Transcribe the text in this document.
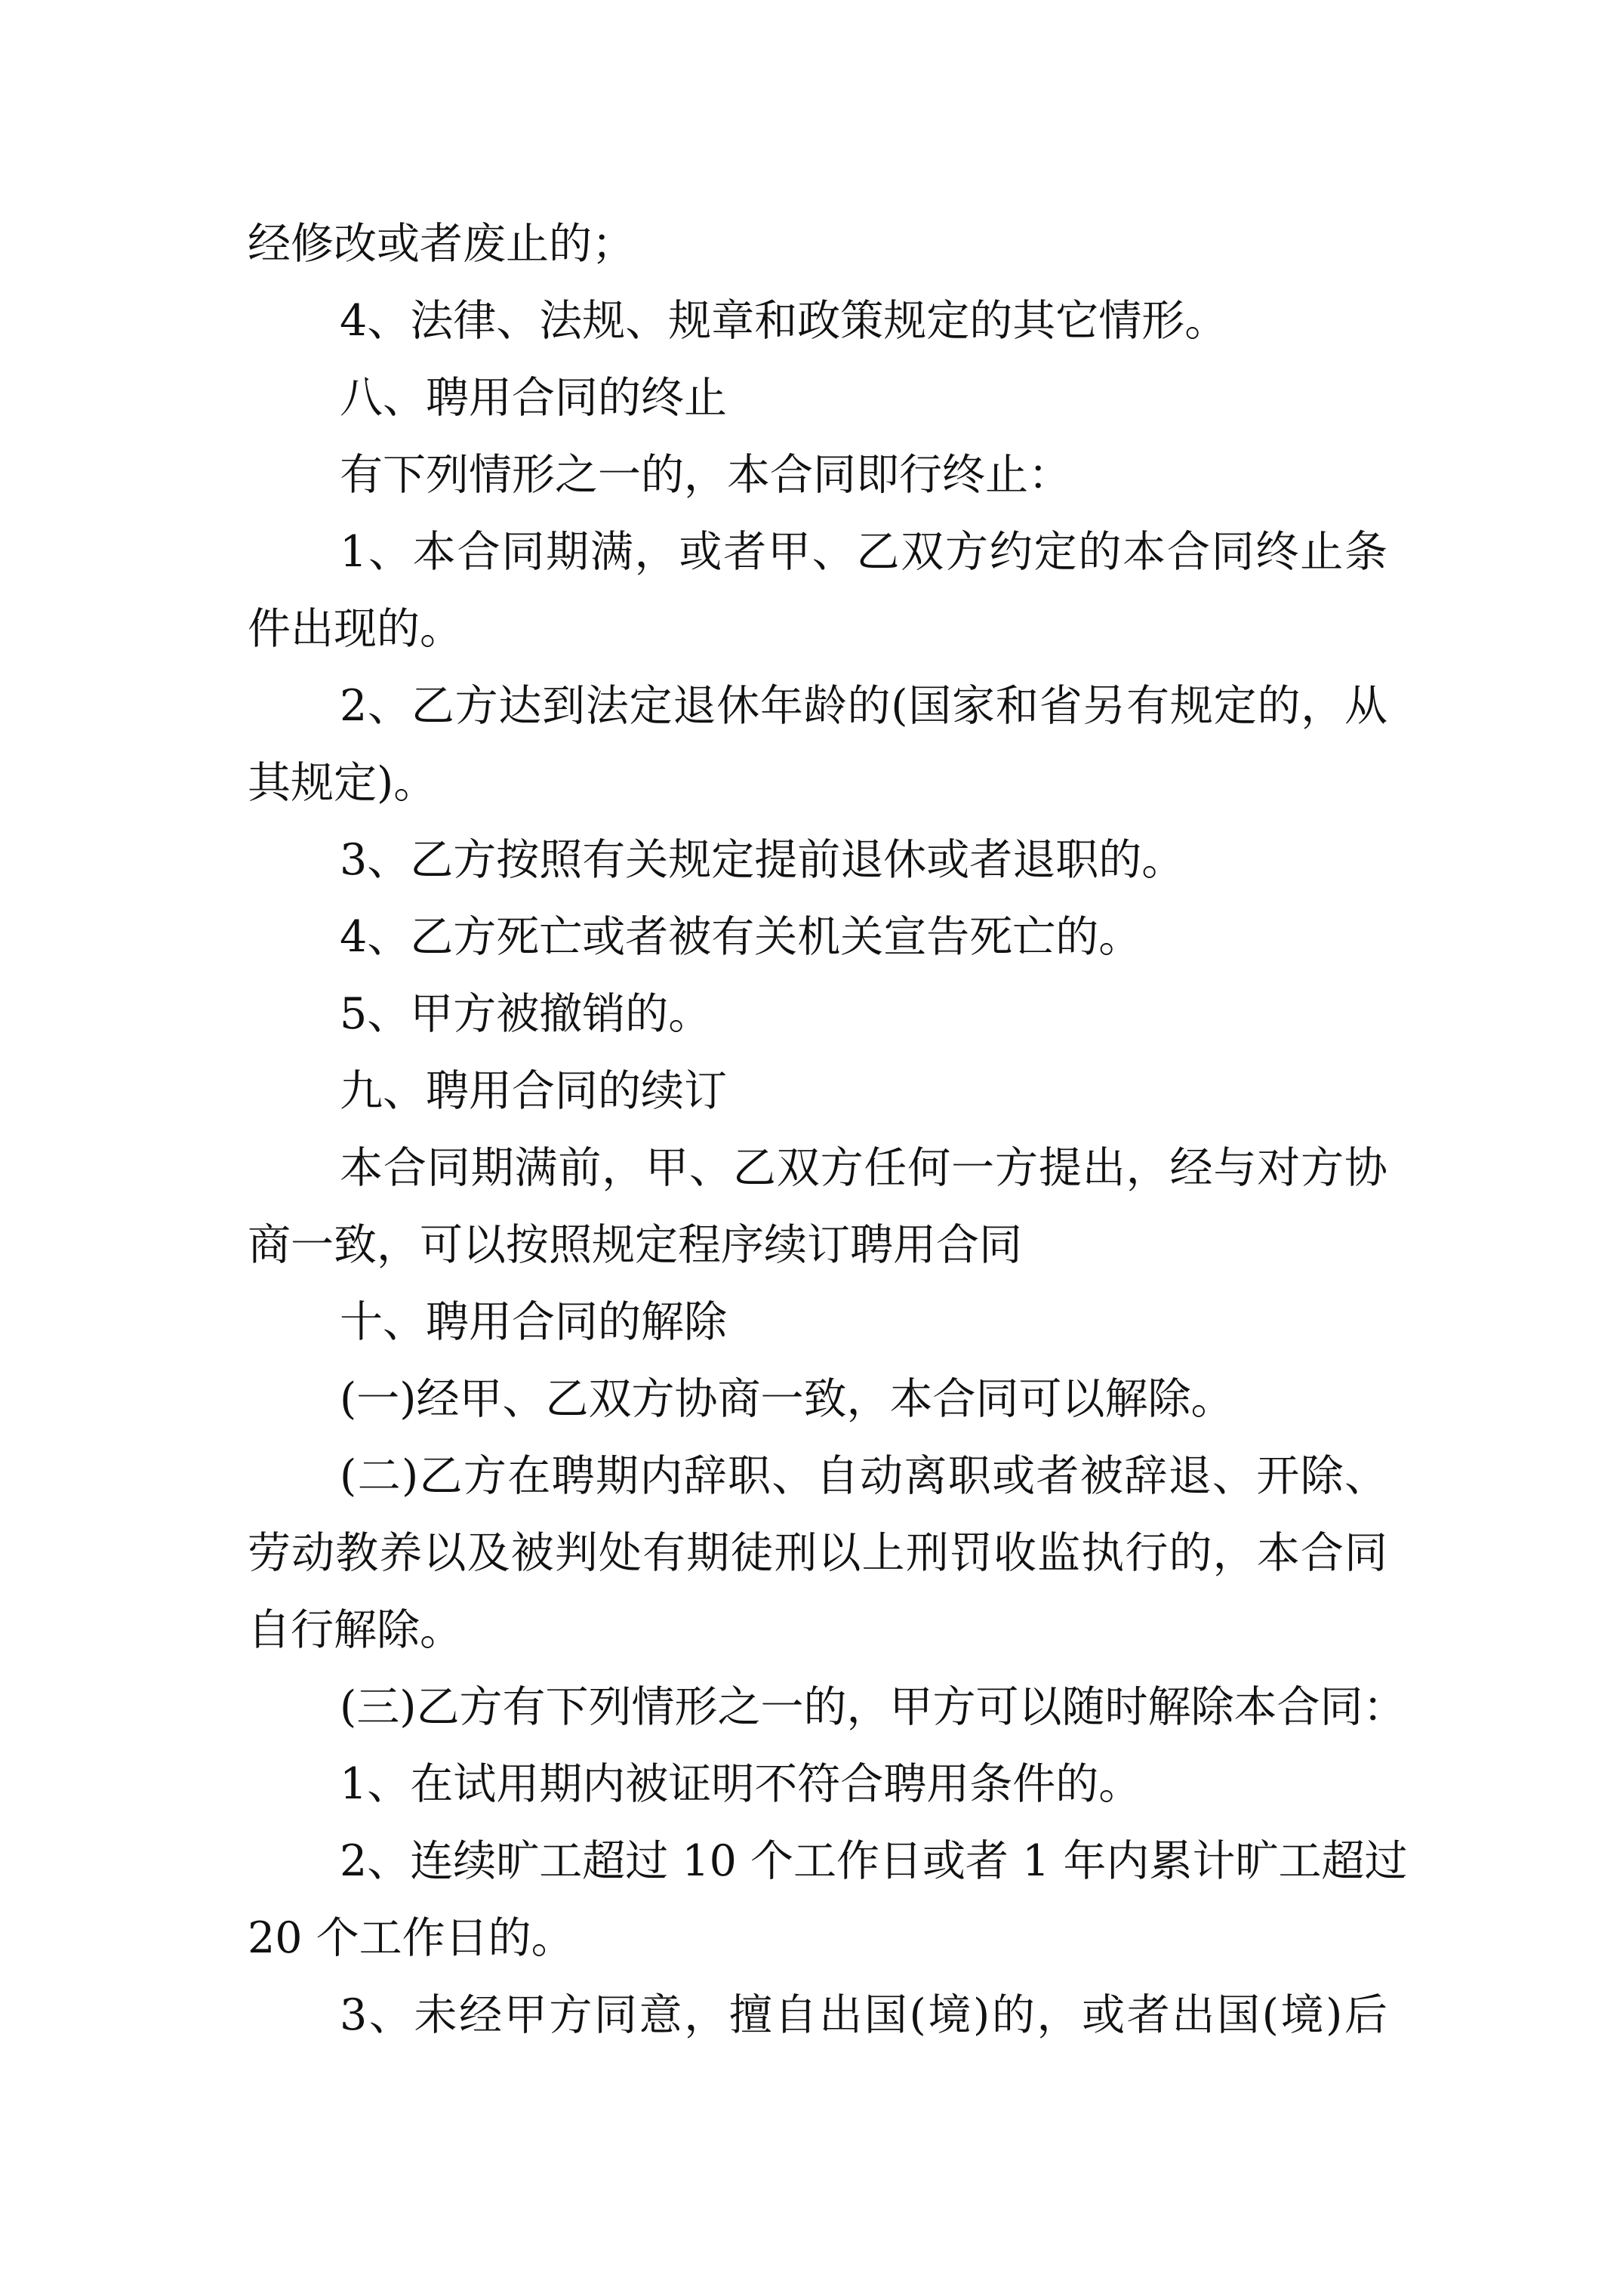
经修改或者废止的；
4、法律、法规、规章和政策规定的其它情形。
八、聘用合同的终止
有下列情形之一的，本合同即行终止：
1、本合同期满，或者甲、乙双方约定的本合同终止条
件出现的。
2、乙方达到法定退休年龄的(国家和省另有规定的，从
其规定)。
3、乙方按照有关规定提前退休或者退职的。
4、乙方死亡或者被有关机关宣告死亡的。
5、甲方被撤销的。
九、聘用合同的续订
本合同期满前，甲、乙双方任何一方提出，经与对方协
商一致，可以按照规定程序续订聘用合同
十、聘用合同的解除
(一)经甲、乙双方协商一致，本合同可以解除。
(二)乙方在聘期内辞职、自动离职或者被辞退、开除、
劳动教养以及被判处有期徒刑以上刑罚收监执行的，本合同
自行解除。
(三)乙方有下列情形之一的，甲方可以随时解除本合同：
1、在试用期内被证明不符合聘用条件的。
2、连续旷工超过 10 个工作日或者 1 年内累计旷工超过
20 个工作日的。
3、未经甲方同意，擅自出国(境)的，或者出国(境)后
